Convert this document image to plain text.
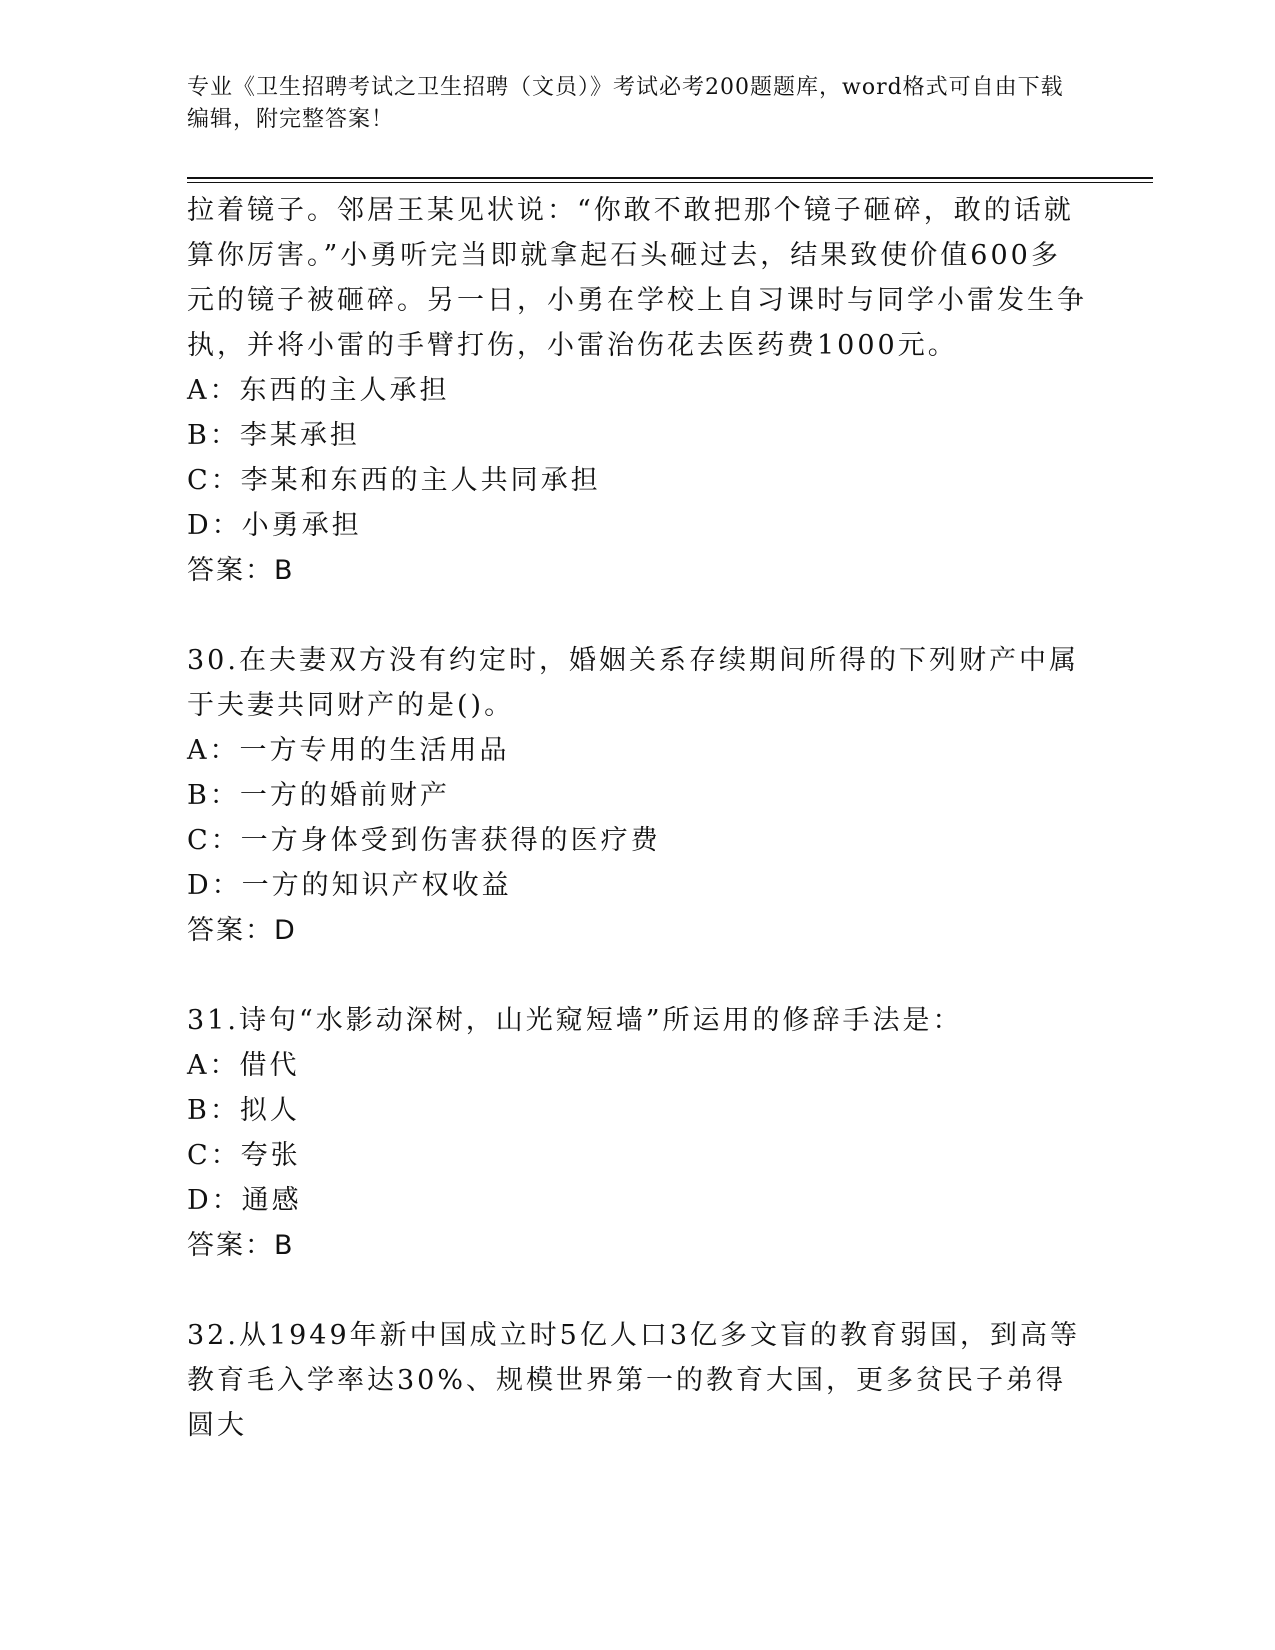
专业《卫生招聘考试之卫生招聘（文员）》考试必考200题题库，word格式可自由下载编辑，附完整答案！

拉着镜子。邻居王某见状说：“你敢不敢把那个镜子砸碎，敢的话就算你厉害。”小勇听完当即就拿起石头砸过去，结果致使价值600多元的镜子被砸碎。另一日，小勇在学校上自习课时与同学小雷发生争执，并将小雷的手臂打伤，小雷治伤花去医药费1000元。

A：东西的主人承担

B：李某承担

C：李某和东西的主人共同承担

D：小勇承担

答案：B

30.在夫妻双方没有约定时，婚姻关系存续期间所得的下列财产中属于夫妻共同财产的是()。

A：一方专用的生活用品

B：一方的婚前财产

C：一方身体受到伤害获得的医疗费

D：一方的知识产权收益

答案：D

31.诗句“水影动深树，山光窥短墙”所运用的修辞手法是：

A：借代

B：拟人

C：夸张

D：通感

答案：B

32.从1949年新中国成立时5亿人口3亿多文盲的教育弱国，到高等教育毛入学率达30%、规模世界第一的教育大国，更多贫民子弟得圆大
